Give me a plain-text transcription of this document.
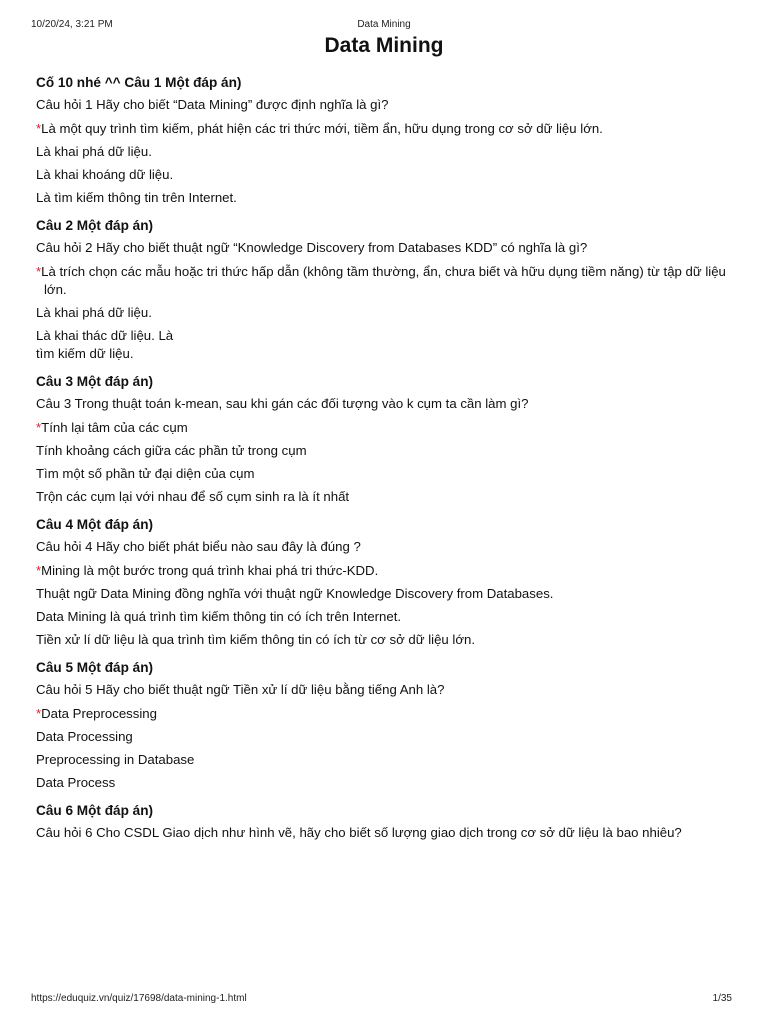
10/20/24, 3:21 PM	Data Mining
Data Mining
Cố 10 nhé ^^ Câu 1 Một đáp án)
Câu hỏi 1 Hãy cho biết “Data Mining” được định nghĩa là gì?
*Là một quy trình tìm kiếm, phát hiện các tri thức mới, tiềm ẩn, hữu dụng trong cơ sở dữ liệu lớn.
Là khai phá dữ liệu.
Là khai khoáng dữ liệu.
Là tìm kiếm thông tin trên Internet.
Câu 2 Một đáp án)
Câu hỏi 2 Hãy cho biết thuật ngữ “Knowledge Discovery from Databases KDD” có nghĩa là gì?
*Là trích chọn các mẫu hoặc tri thức hấp dẫn (không tầm thường, ẩn, chưa biết và hữu dụng tiềm năng) từ tập dữ liệu lớn.
Là khai phá dữ liệu.
Là khai thác dữ liệu. Là
tìm kiếm dữ liệu.
Câu 3 Một đáp án)
Câu 3 Trong thuật toán k-mean, sau khi gán các đối tượng vào k cụm ta cần làm gì?
*Tính lại tâm của các cụm
Tính khoảng cách giữa các phần tử trong cụm
Tìm một số phần tử đại diện của cụm
Trộn các cụm lại với nhau để số cụm sinh ra là ít nhất
Câu 4 Một đáp án)
Câu hỏi 4 Hãy cho biết phát biểu nào sau đây là đúng ?
*Mining là một bước trong quá trình khai phá tri thức-KDD.
Thuật ngữ Data Mining đồng nghĩa với thuật ngữ Knowledge Discovery from Databases.
Data Mining là quá trình tìm kiếm thông tin có ích trên Internet.
Tiền xử lí dữ liệu là qua trình tìm kiếm thông tin có ích từ cơ sở dữ liệu lớn.
Câu 5 Một đáp án)
Câu hỏi 5 Hãy cho biết thuật ngữ Tiền xử lí dữ liệu bằng tiếng Anh là?
*Data Preprocessing
Data Processing
Preprocessing in Database
Data Process
Câu 6 Một đáp án)
Câu hỏi 6 Cho CSDL Giao dịch như hình vẽ, hãy cho biết số lượng giao dịch trong cơ sở dữ liệu là bao nhiêu?
https://eduquiz.vn/quiz/17698/data-mining-1.html	1/35
